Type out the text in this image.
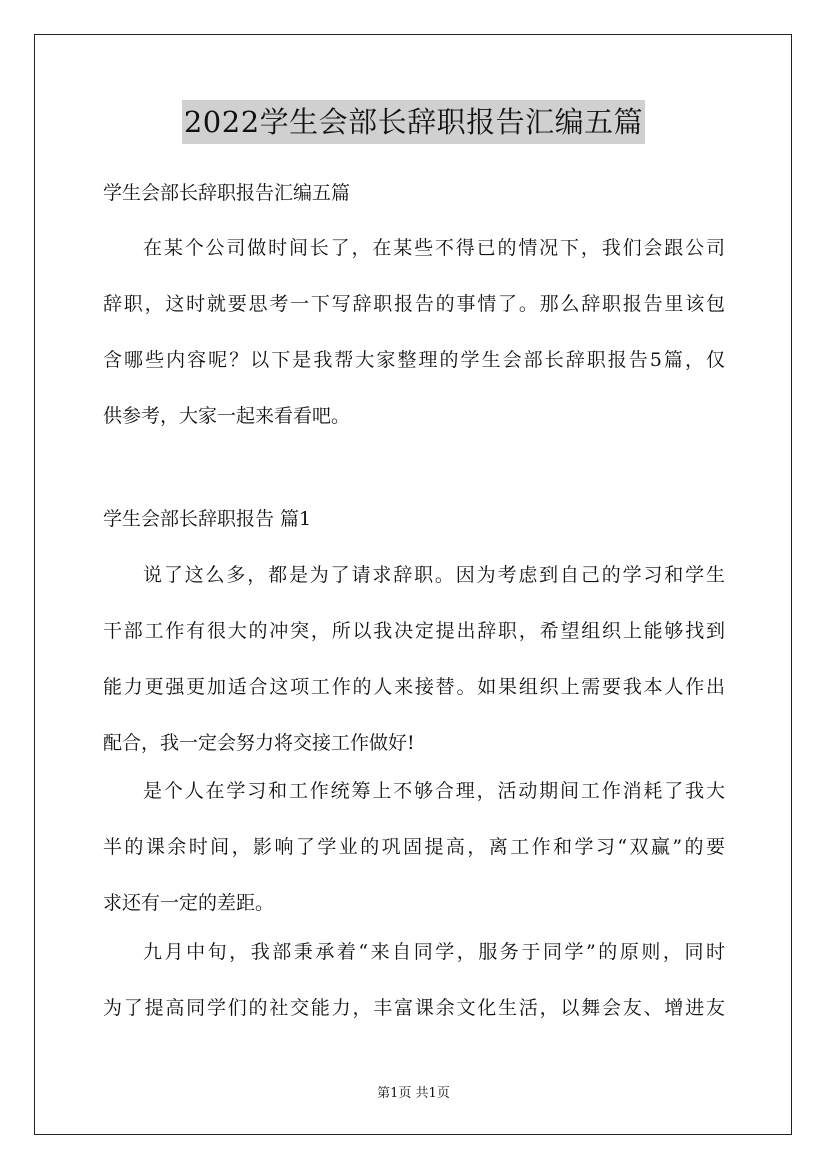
2022学生会部长辞职报告汇编五篇
学生会部长辞职报告汇编五篇
在某个公司做时间长了，在某些不得已的情况下，我们会跟公司
辞职，这时就要思考一下写辞职报告的事情了。那么辞职报告里该包
含哪些内容呢？以下是我帮大家整理的学生会部长辞职报告5篇，仅
供参考，大家一起来看看吧。
学生会部长辞职报告 篇1
说了这么多，都是为了请求辞职。因为考虑到自己的学习和学生
干部工作有很大的冲突，所以我决定提出辞职，希望组织上能够找到
能力更强更加适合这项工作的人来接替。如果组织上需要我本人作出
配合，我一定会努力将交接工作做好!
是个人在学习和工作统筹上不够合理，活动期间工作消耗了我大
半的课余时间，影响了学业的巩固提高，离工作和学习“双赢”的要
求还有一定的差距。
九月中旬，我部秉承着“来自同学，服务于同学”的原则，同时
为了提高同学们的社交能力，丰富课余文化生活，以舞会友、增进友
第1页 共1页
